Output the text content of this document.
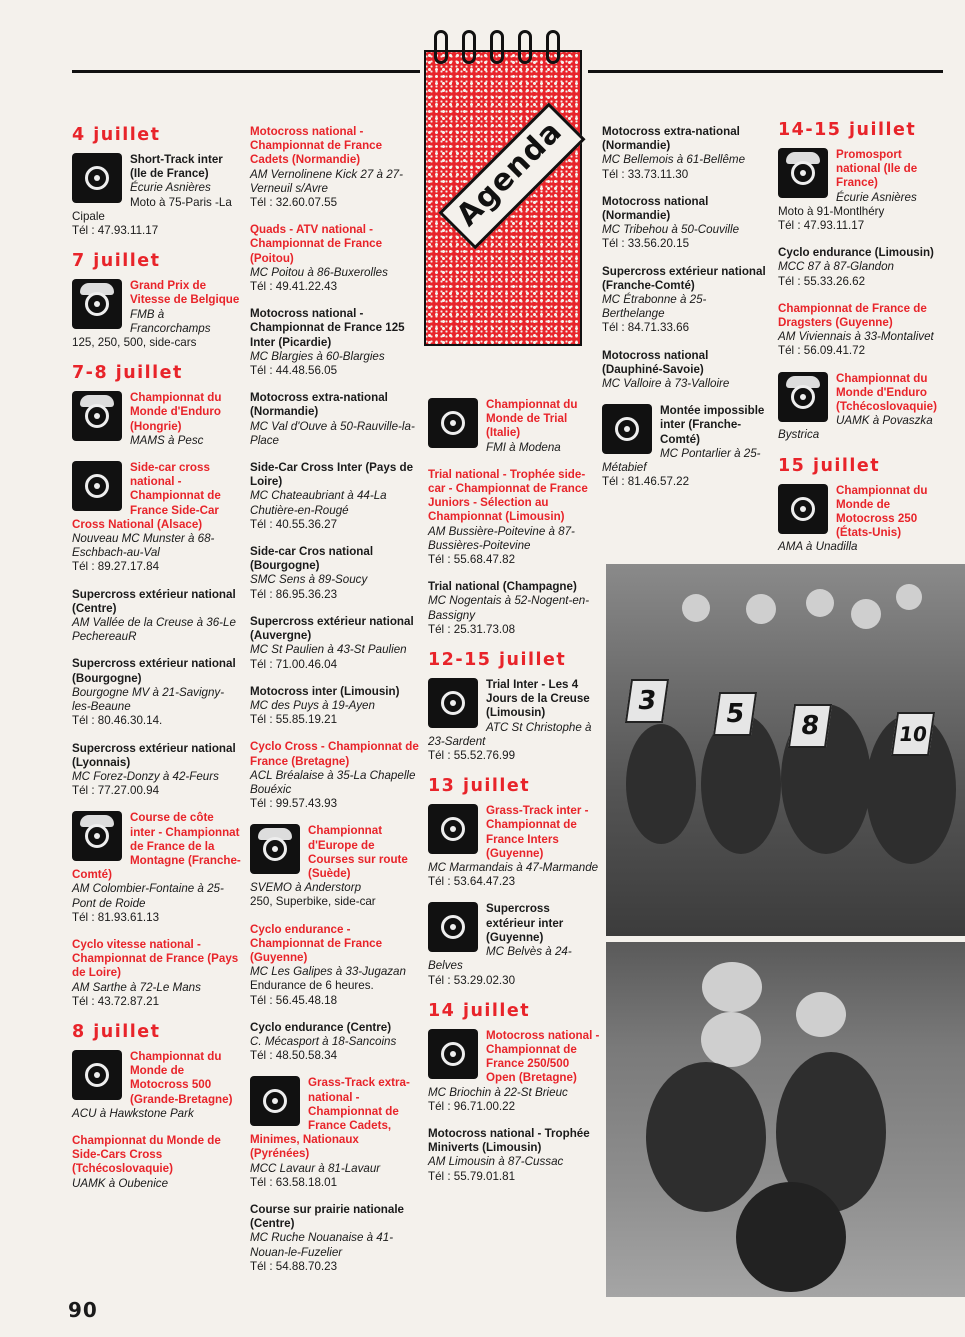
4 juillet
Short-Track inter (Ile de France)
Écurie Asnières
Moto à 75-Paris -La Cipale
Tél : 47.93.11.17
7 juillet
Grand Prix de Vitesse de Belgique
FMB à Francorchamps
125, 250, 500, side-cars
7-8 juillet
Championnat du Monde d'Enduro (Hongrie)
MAMS à Pesc
Side-car cross national - Championnat de France Side-Car Cross National (Alsace)
Nouveau MC Munster à 68-Eschbach-au-Val
Tél : 89.27.17.84
Supercross extérieur national (Centre)
AM Vallée de la Creuse à 36-Le PechereauR
Supercross extérieur national (Bourgogne)
Bourgogne MV à 21-Savigny-les-Beaune
Tél : 80.46.30.14.
Supercross extérieur national (Lyonnais)
MC Forez-Donzy à 42-Feurs
Tél : 77.27.00.94
Course de côte inter - Championnat de France de la Montagne (Franche-Comté)
AM Colombier-Fontaine à 25-Pont de Roide
Tél : 81.93.61.13
Cyclo vitesse national - Championnat de France (Pays de Loire)
AM Sarthe à 72-Le Mans
Tél : 43.72.87.21
8 juillet
Championnat du Monde de Motocross 500 (Grande-Bretagne)
ACU à Hawkstone Park
Championnat du Monde de Side-Cars Cross (Tchécoslovaquie)
UAMK à Oubenice
Motocross national - Championnat de France Cadets (Normandie)
AM Vernolinene Kick 27 à 27-Verneuil s/Avre
Tél : 32.60.07.55
Quads - ATV national - Championnat de France (Poitou)
MC Poitou à 86-Buxerolles
Tél : 49.41.22.43
Motocross national - Championnat de France 125 Inter (Picardie)
MC Blargies à 60-Blargies
Tél : 44.48.56.05
Motocross extra-national (Normandie)
MC Val d'Ouve à 50-Rauville-la-Place
Side-Car Cross Inter (Pays de Loire)
MC Chateaubriant à 44-La Chutière-en-Rougé
Tél : 40.55.36.27
Side-car Cros national (Bourgogne)
SMC Sens à 89-Soucy
Tél : 86.95.36.23
Supercross extérieur national (Auvergne)
MC St Paulien à 43-St Paulien
Tél : 71.00.46.04
Motocross inter (Limousin)
MC des Puys à 19-Ayen
Tél : 55.85.19.21
Cyclo Cross - Championnat de France (Bretagne)
ACL Bréalaise à 35-La Chapelle Bouéxic
Tél : 99.57.43.93
Championnat d'Europe de Courses sur route (Suède)
SVEMO à Anderstorp
250, Superbike, side-car
Cyclo endurance - Championnat de France (Guyenne)
MC Les Galipes à 33-Jugazan
Endurance de 6 heures.
Tél : 56.45.48.18
Cyclo endurance (Centre)
C. Mécasport à 18-Sancoins
Tél : 48.50.58.34
Grass-Track extra-national - Championnat de France Cadets, Minimes, Nationaux (Pyrénées)
MCC Lavaur à 81-Lavaur
Tél : 63.58.18.01
Course sur prairie nationale (Centre)
MC Ruche Nouanaise à 41-Nouan-le-Fuzelier
Tél : 54.88.70.23
Championnat du Monde de Trial (Italie)
FMI à Modena
Trial national - Trophée side-car - Championnat de France Juniors - Sélection au Championnat (Limousin)
AM Bussière-Poitevine à 87-Bussières-Poitevine
Tél : 55.68.47.82
Trial national (Champagne)
MC Nogentais à 52-Nogent-en-Bassigny
Tél : 25.31.73.08
12-15 juillet
Trial Inter - Les 4 Jours de la Creuse (Limousin)
ATC St Christophe à 23-Sardent
Tél : 55.52.76.99
13 juillet
Grass-Track inter - Championnat de France Inters (Guyenne)
MC Marmandais à 47-Marmande
Tél : 53.64.47.23
Supercross extérieur inter (Guyenne)
MC Belvès à 24-Belves
Tél : 53.29.02.30
14 juillet
Motocross national - Championnat de France 250/500 Open (Bretagne)
MC Briochin à 22-St Brieuc
Tél : 96.71.00.22
Motocross national - Trophée Miniverts (Limousin)
AM Limousin à 87-Cussac
Tél : 55.79.01.81
Motocross extra-national (Normandie)
MC Bellemois à 61-Bellême
Tél : 33.73.11.30
Motocross national (Normandie)
MC Tribehou à 50-Couville
Tél : 33.56.20.15
Supercross extérieur national (Franche-Comté)
MC Étrabonne à 25-Berthelange
Tél : 84.71.33.66
Motocross national (Dauphiné-Savoie)
MC Valloire à 73-Valloire
Montée impossible inter (Franche-Comté)
MC Pontarlier à 25-Métabief
Tél : 81.46.57.22
14-15 juillet
Promosport national (Ile de France)
Écurie Asnières
Moto à 91-Montlhéry
Tél : 47.93.11.17
Cyclo endurance (Limousin)
MCC 87 à 87-Glandon
Tél : 55.33.26.62
Championnat de France de Dragsters (Guyenne)
AM Viviennais à 33-Montalivet
Tél : 56.09.41.72
Championnat du Monde d'Enduro (Tchécoslovaquie)
UAMK à Povaszka Bystrica
15 juillet
Championnat du Monde de Motocross 250 (États-Unis)
AMA à Unadilla
Agenda
3	5	8	10
90
